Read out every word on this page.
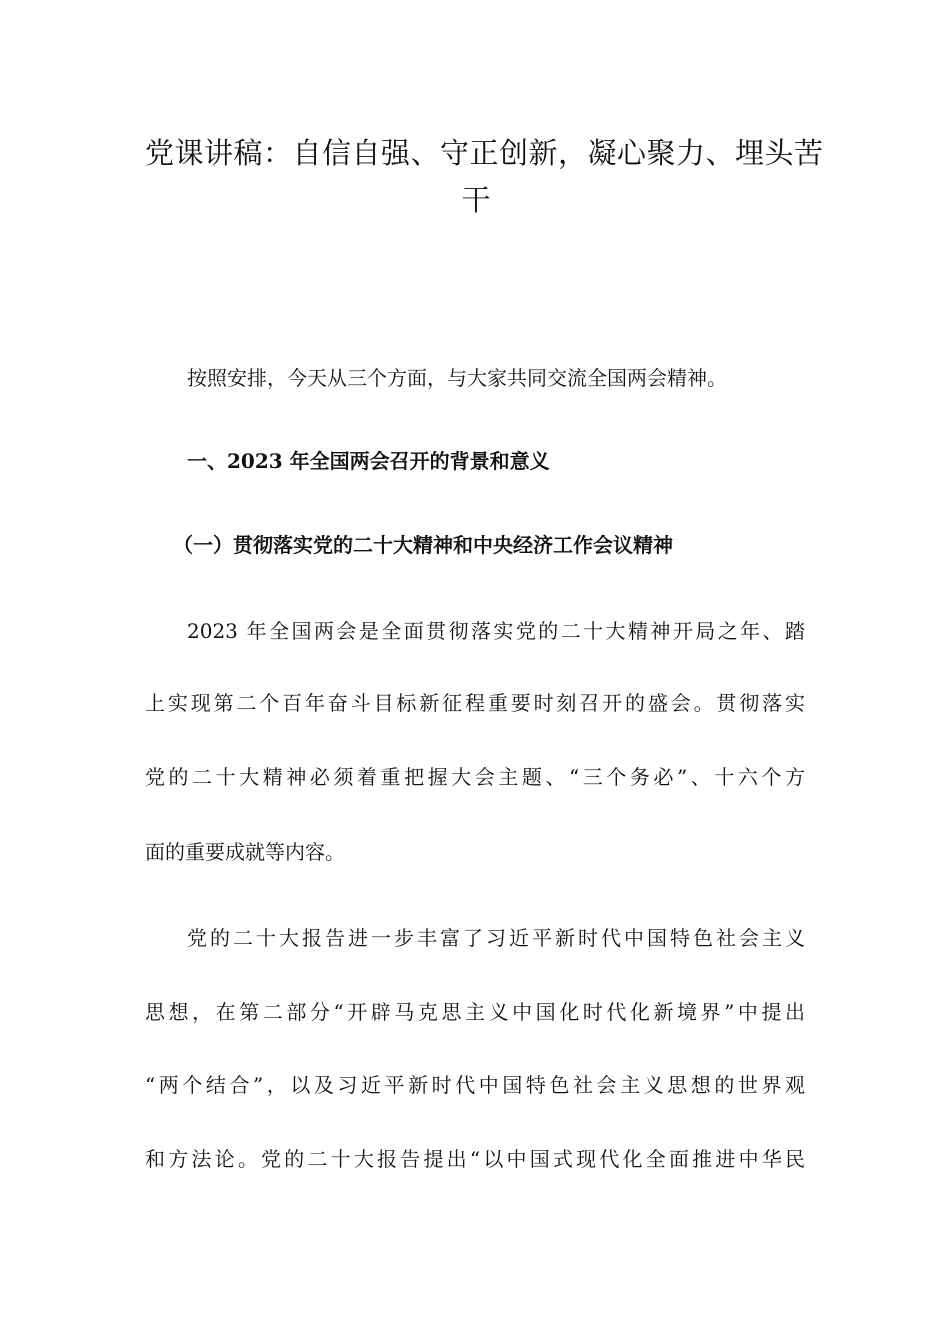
党课讲稿：自信自强、守正创新，凝心聚力、埋头苦
干
按照安排，今天从三个方面，与大家共同交流全国两会精神。
一、2023 年全国两会召开的背景和意义
（一）贯彻落实党的二十大精神和中央经济工作会议精神
2023 年全国两会是全面贯彻落实党的二十大精神开局之年、踏
上实现第二个百年奋斗目标新征程重要时刻召开的盛会。贯彻落实
党的二十大精神必须着重把握大会主题、“三个务必”、十六个方
面的重要成就等内容。
党的二十大报告进一步丰富了习近平新时代中国特色社会主义
思想，在第二部分“开辟马克思主义中国化时代化新境界”中提出
“两个结合”，以及习近平新时代中国特色社会主义思想的世界观
和方法论。党的二十大报告提出“以中国式现代化全面推进中华民
